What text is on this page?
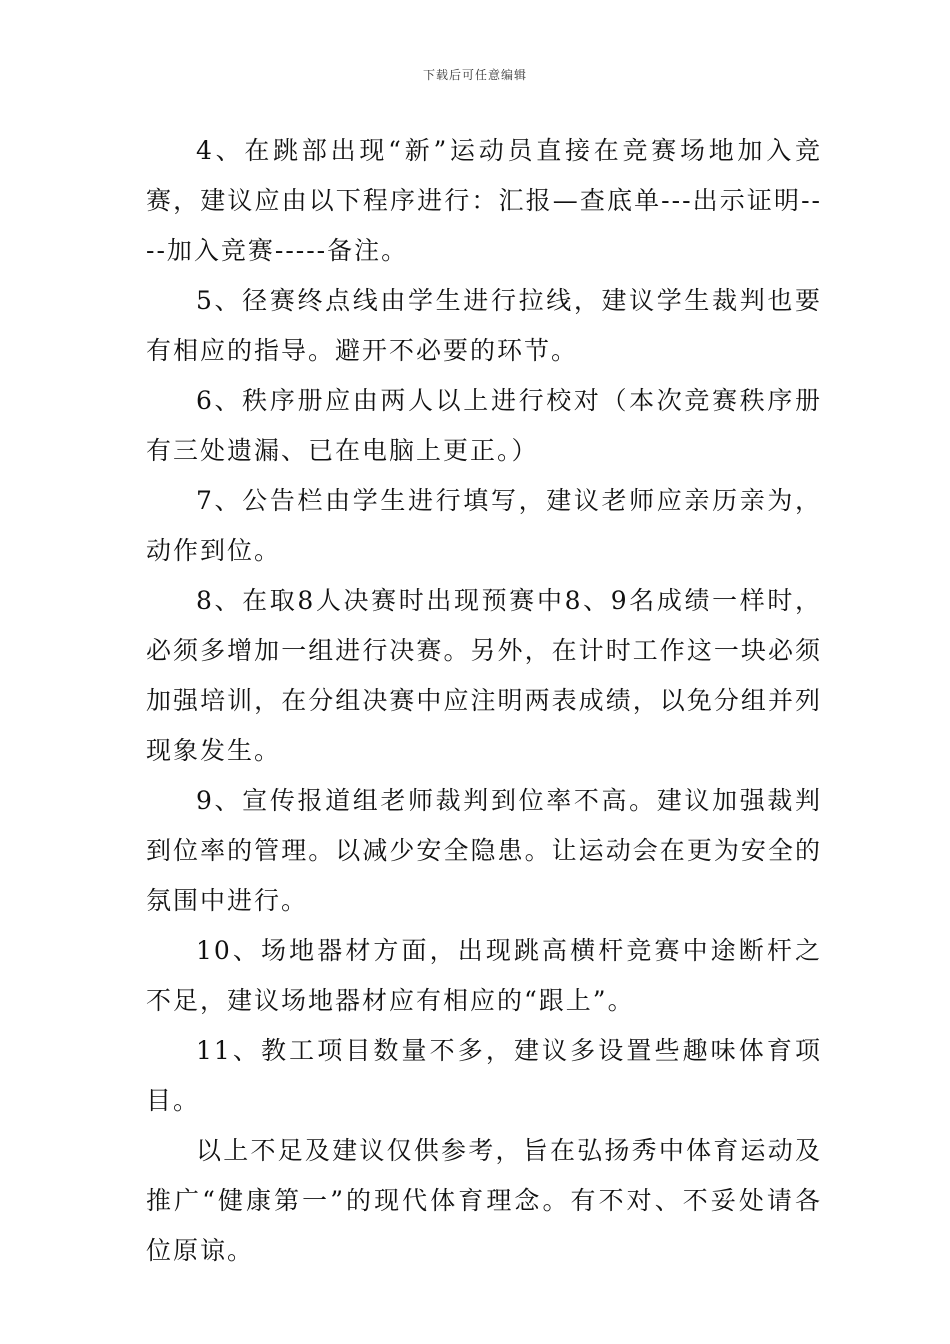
下载后可任意编辑

4、在跳部出现“新”运动员直接在竞赛场地加入竞赛，建议应由以下程序进行：汇报—查底单---出示证明----加入竞赛-----备注。

5、径赛终点线由学生进行拉线，建议学生裁判也要有相应的指导。避开不必要的环节。

6、秩序册应由两人以上进行校对（本次竞赛秩序册有三处遗漏、已在电脑上更正。）

7、公告栏由学生进行填写，建议老师应亲历亲为，动作到位。

8、在取8人决赛时出现预赛中8、9名成绩一样时，必须多增加一组进行决赛。另外，在计时工作这一块必须加强培训，在分组决赛中应注明两表成绩，以免分组并列现象发生。

9、宣传报道组老师裁判到位率不高。建议加强裁判到位率的管理。以减少安全隐患。让运动会在更为安全的氛围中进行。

10、场地器材方面，出现跳高横杆竞赛中途断杆之不足，建议场地器材应有相应的“跟上”。

11、教工项目数量不多，建议多设置些趣味体育项目。

以上不足及建议仅供参考，旨在弘扬秀中体育运动及推广“健康第一”的现代体育理念。有不对、不妥处请各位原谅。
